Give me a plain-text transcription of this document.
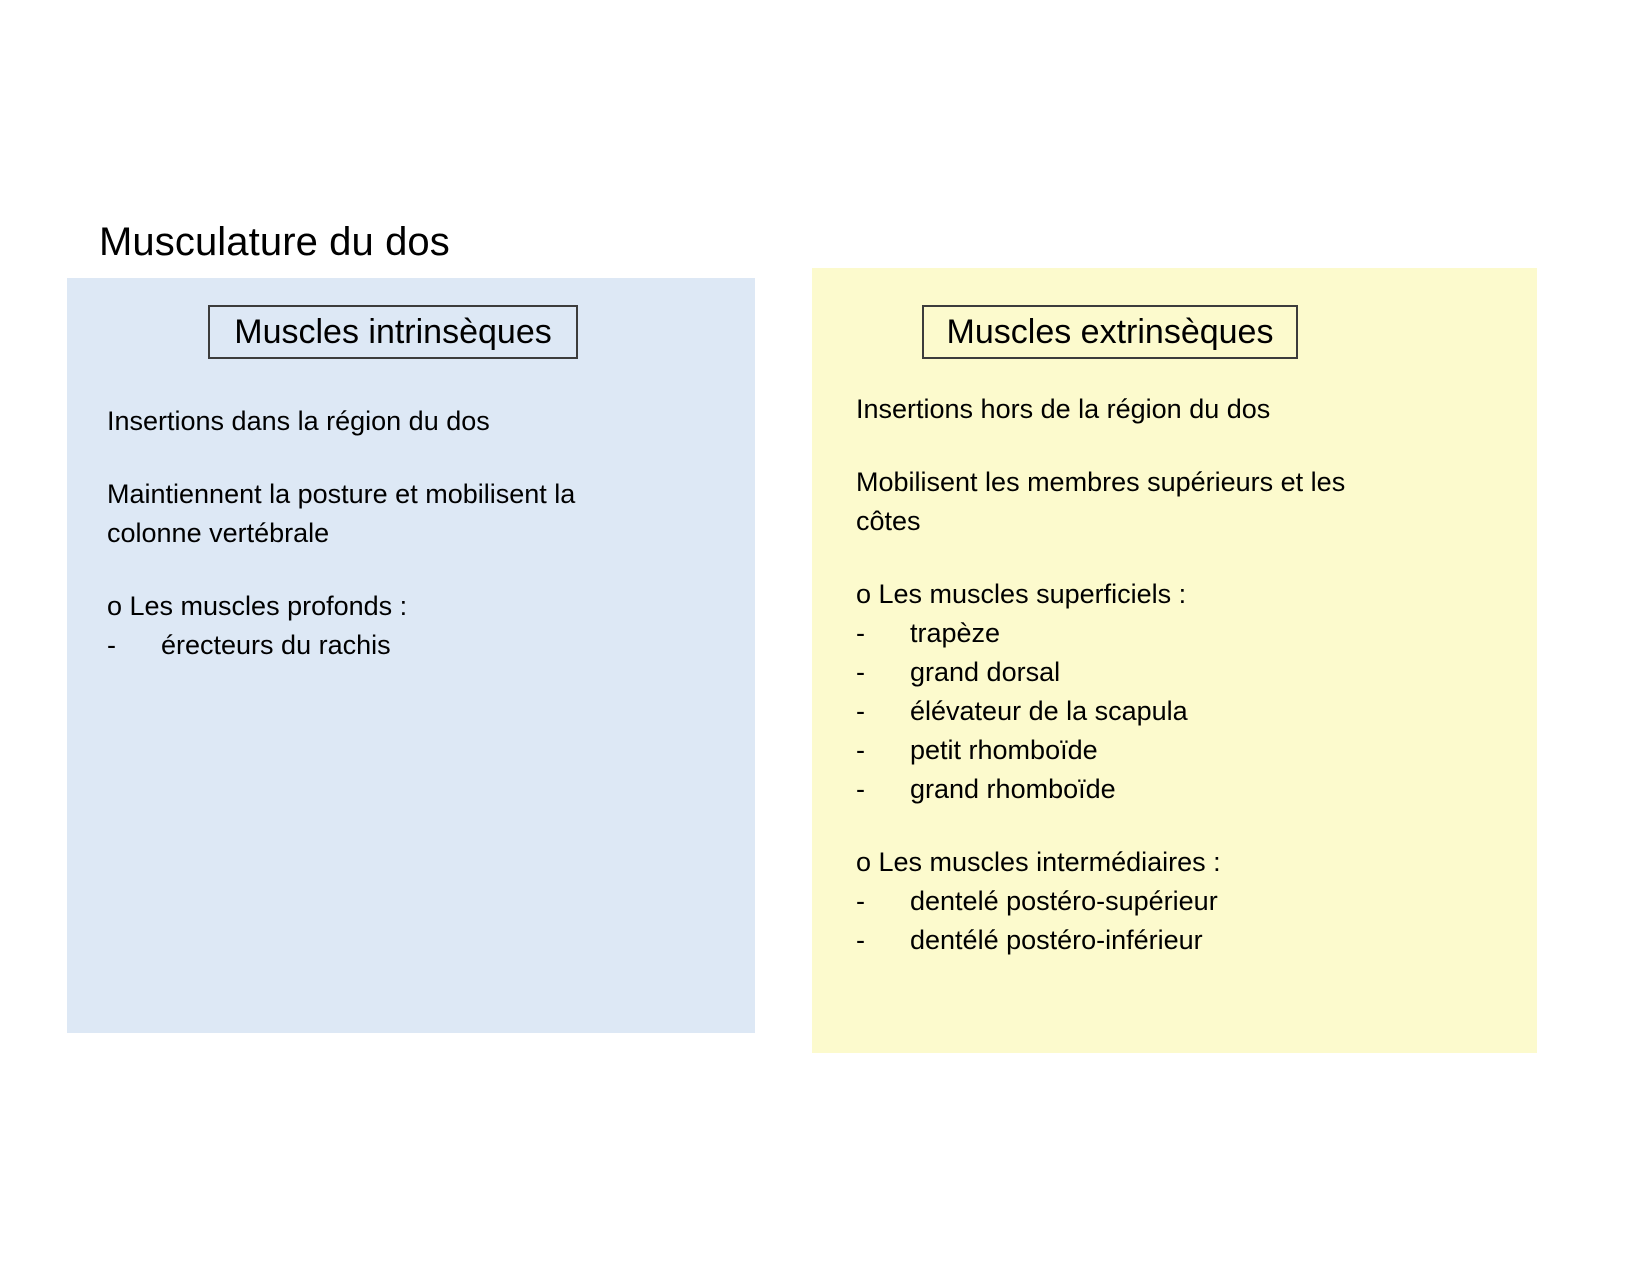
Musculature du dos
Muscles intrinsèques

Insertions dans la région du dos

Maintiennent la posture et mobilisent la colonne vertébrale

o Les muscles profonds :

- érecteurs du rachis
Muscles extrinsèques

Insertions hors de la région du dos

Mobilisent les membres supérieurs et les côtes

o Les muscles superficiels :

- trapèze
- grand dorsal
- élévateur de la scapula
- petit rhomboïde
- grand rhomboïde

o Les muscles intermédiaires :

- dentelé postéro-supérieur
- dentélé postéro-inférieur
